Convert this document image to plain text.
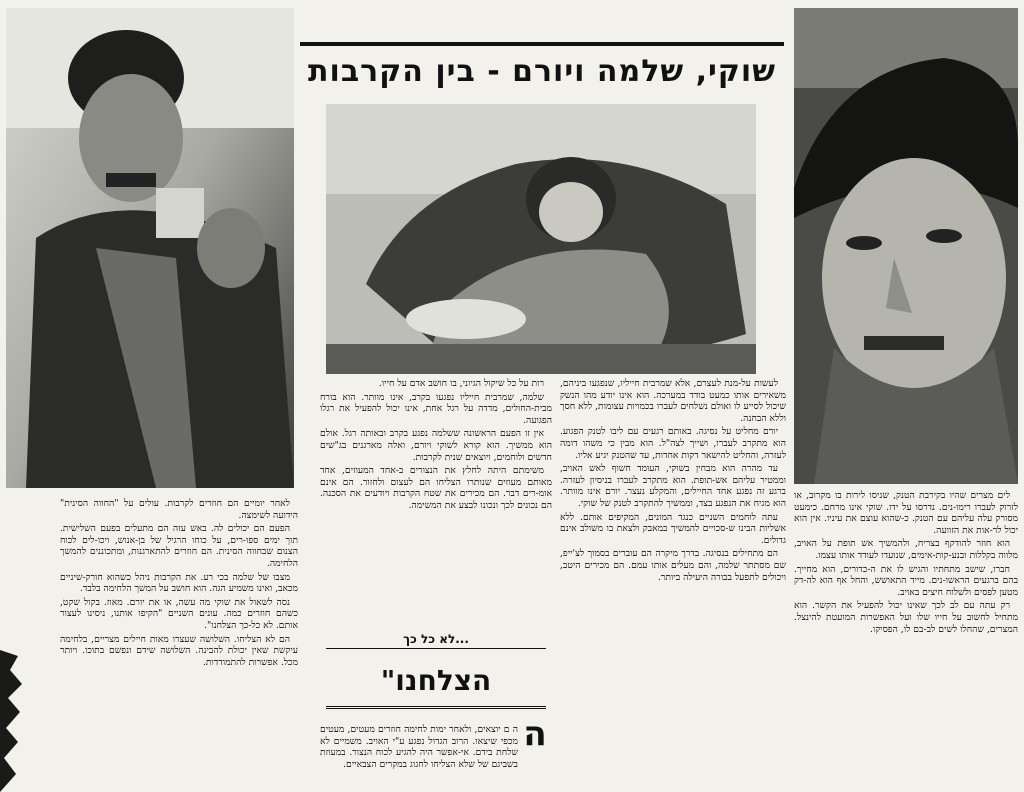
שוקי, שלמה ויורם - בין הקרבות

לים מצרים שהיו בקירבת הטנק, שניסו לירות בו מקרוב, או לזרוק לעברו רימו-נים. נדרסו על ידו. שוקי אינו מרחם. כימעט מסורק עלה עליהם עם הטנק. כ-שהוא עוצם את עיניו. אין הוא יכול לר-אות את הזוועה.

הוא חוזר להודקף בצריח, ולהמשיך אש תופת על האויב, מלווה בקללות ובנע-קות-אימים, שנועדו לעודד אותו עצמו.

חברו, שישב מתחתיו והגיש לו את ה-כדורים, הוא מחייך. בהם ברגעים הראשו-נים. מייד התאושש, והחל אף הוא לה-דק מטען לפסים ולשלוח חיצים באויב.

רק עתה עם לב לכך שאינו יכול להפעיל את הקשר. הוא מתחיל לחשוב על חייו שלו ועל האפשרות המועטת להינצל. המצרים, שהחלו לשים לב-בם לו, הפסיקו.

לעשות על-מנת לעצרם, אלא שמרבית חייליו, שנפגעו ביניהם, משאירים אותו כמעט בודד במערכה. הוא אינו יודע מהו הנשק שיכול לסייע לו ואולם נשלחים לעברו בכמויות עצומות, ללא חסך וללא הבחנה.

יורם מחליט על נסיגה. באותם רגעים עם ליבו לטנק הפגוע. הוא מתקרב לעברו, ושייך לצה"ל. הוא מבין כי משהו דומה לעזרה, והחליט להישאר דקות אחדות, עד שהטנק יגיע אליו.

עד מהרה הוא מבחין בשוקי, העומד חשוף לאש האויב, וממטיר עליהם אש-תופת. הוא מתקרב לעברו בניסיון לעזרה. ברגע זה נפגע אחד החיילים, והמקלע נעצר. יורם אינו מוותר. הוא מגיח את הנפגע בצד, וממשיך להתקרב לטנק של שוקי.

עתה לוחמים השניים כנגד המונים, המקיפים אותם. ללא אשליות הבינו ש-סכויים להמשיך במאבק ולצאת בו משולב אינם גדולים.

הם מתחילים בנסיגה. בדרך מיקרה הם עוברים בסמוך לצ'ייפ, שם מסתתר שלמה, והם מעלים אותו עמם. הם מכירים היטב, ויכולים לתפעל בבורה היעילה ביותר.

רות על כל שיקול הגיוני, בו חושב אדם על חייו.

שלמה, שמרבית חייליו נפגעו בקרב, אינו מוותר. הוא בורח מבית-החולים, מדדה על רגל אחת, אינו יכול להפעיל את רגלו הפגועה.

אין זו הפעם הראשונה ששלמה נפגע בקרב ובאותה רגל. אולם הוא ממשיך. הוא קורא לשוקי ויורם, ואלה מארגנים בג"שים חדשים ולוחמים, ויוצאים שנית לקרבות.

משימתם היתה לחלץ את הנצורים ב-אחד המעוזים, אחד מאותם מעוזים שנותרו הצליחו הם לעצום ולחזור. הם אינם אומ-רים דבר. הם מכירים את שטח הקרבות ויודעים את הסכנה. הם נכונים לכך ונכונו לבצע את המשימה.

...לא כל כך
הצלחנו"

ה ם יוצאים, ולאחר ימות לחימה חוזרים מעטים, מעטים מכפי שיצאו. הרוב הגדול נפגע ע"י האויב. משמיים לא שלחת בידם. אי-אפשר היה להגיע לכוח הנצור. במעוזת בשביגם של שלא הצליחו לחגוג במקרים הצבאיים.

ה

לאחר יומיים הם חוזרים לקרבות. עולים על "החווה הסינית" הידועה לשימצה.

הפעם הם יכולים לה. באש עזה הם מתעלים בפעם השלישית. תוך ימים ספו-רים, על כוחו הרגיל של בן-אנוש, ויכו-לים לכוח הצנום שבחווה הסינית. הם חוזרים להתארגנות, ומתכוננים להמשך הלחימה.

מצבו של שלמה בכי רע. את הקרבות ניהל כשהוא חורק-שיניים מכאב, ואינו משמיע הגה. הוא חושב על המשך הלחימה בלבד.

נסה לשאול את שוקי מה עשה, או את יורם. מאוז. בקול שקט, כשהם חוזרים כמה. עונים השניים "הקיפו אותנו, ניסינו לעצור אותם. לא כל-כך הצלחנו".

הם לא הצליחו. השלושה שעצרו מאות חיילים מצריים, בלחימה עיקשת שאין יכולת להבינה. השלושה שידם ונפשם בתוכו. ויותר מכל. אפשרות להתמודדות.
